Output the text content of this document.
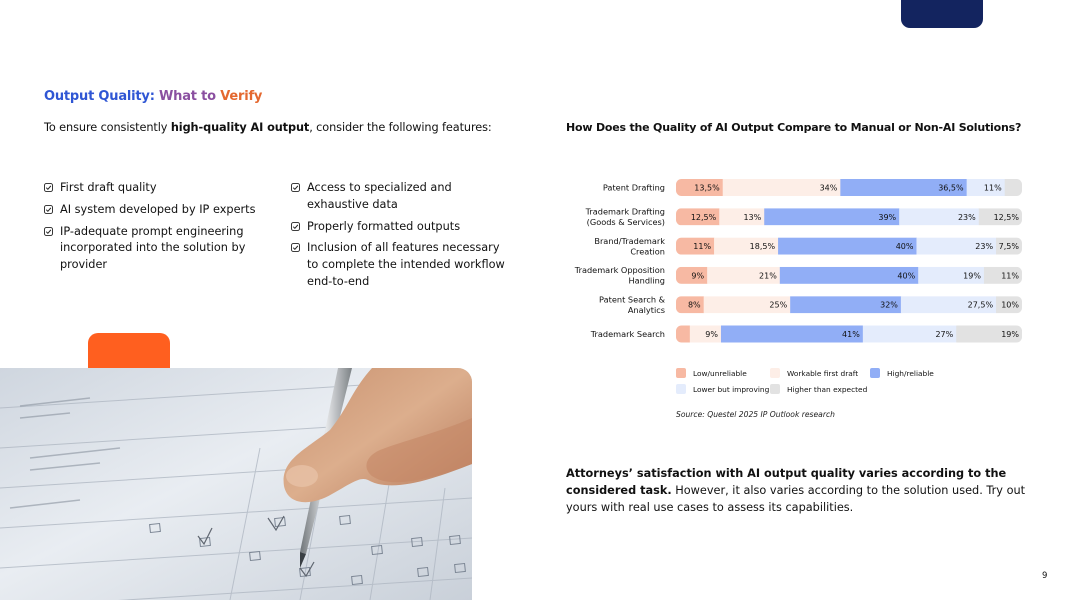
Output Quality: What to Verify

To ensure consistently high-quality AI output, consider the following features:

First draft quality
AI system developed by IP experts
IP-adequate prompt engineering incorporated into the solution by provider
Access to specialized and exhaustive data
Properly formatted outputs
Inclusion of all features necessary to complete the intended workflow end-to-end
How Does the Quality of AI Output Compare to Manual or Non-AI Solutions?
Patent Drafting	13,5%	34%	36,5%	11%
Trademark Drafting (Goods & Services)	12,5%	13%	39%	23% 12,5%
Brand/Trademark Creation	11%	18,5%	40%	23% 7,5%
Trademark Opposition Handling	9%	21%	40%	19%	11%
Patent Search & Analytics	8%	25%	32%	27,5% 10%
Trademark Search	9%	41%	27%	19%
Low/unreliable	Workable first draft	High/reliable
Lower but improving Higher than expected

Source: Questel 2025 IP Outlook research

Attorneys’ satisfaction with AI output quality varies according to the considered task. However, it also varies according to the solution used. Try out yours with real use cases to assess its capabilities.

9
